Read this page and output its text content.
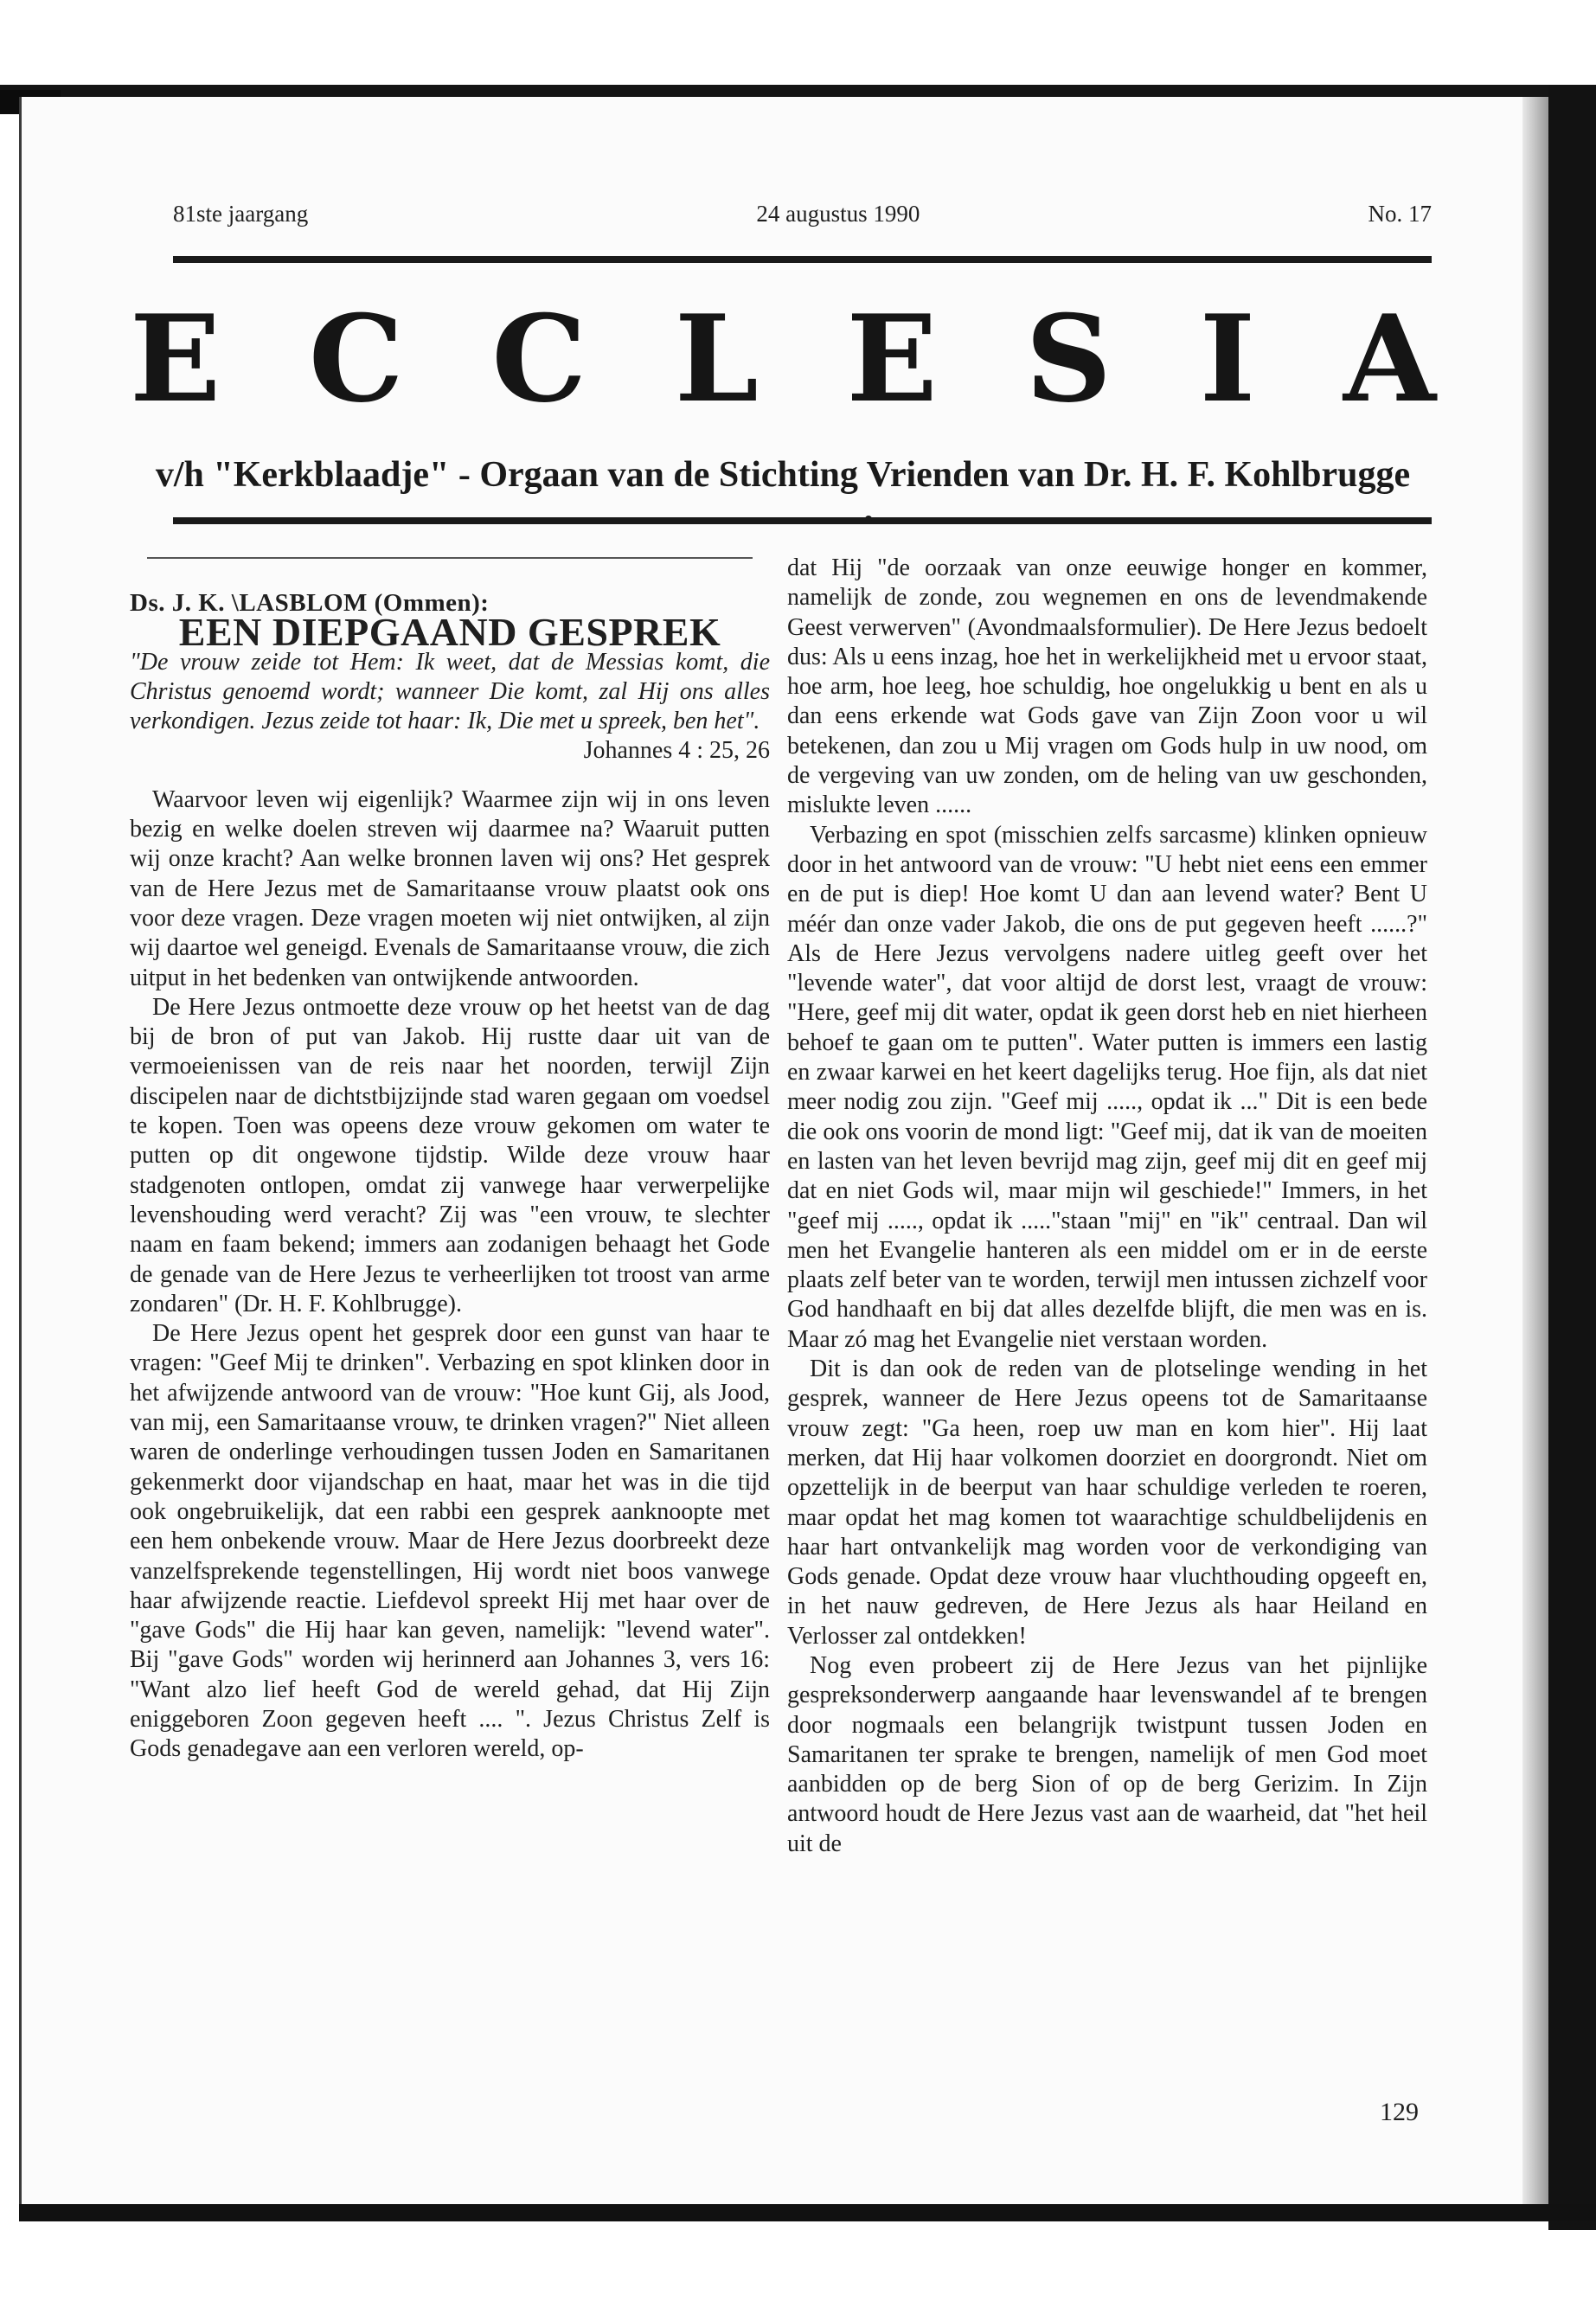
81ste jaargang	24 augustus 1990	No. 17
E C C L E S I A
v/h "Kerkblaadje" - Orgaan van de Stichting Vrienden van Dr. H. F. Kohlbrugge

Ds. J. K. \LASBLOM (Ommen):

EEN DIEPGAAND GESPREK

"De vrouw zeide tot Hem: Ik weet, dat de Messias komt, die Christus genoemd wordt; wanneer Die komt, zal Hij ons alles verkondigen. Jezus zeide tot haar: Ik, Die met u spreek, ben het".

Johannes 4 : 25, 26

Waarvoor leven wij eigenlijk? Waarmee zijn wij in ons leven bezig en welke doelen streven wij daarmee na? Waaruit putten wij onze kracht? Aan welke bronnen laven wij ons? Het gesprek van de Here Jezus met de Samaritaanse vrouw plaatst ook ons voor deze vragen. Deze vragen moeten wij niet ontwijken, al zijn wij daartoe wel geneigd. Evenals de Samaritaanse vrouw, die zich uitput in het bedenken van ontwijkende antwoorden.

De Here Jezus ontmoette deze vrouw op het heetst van de dag bij de bron of put van Jakob. Hij rustte daar uit van de vermoeienissen van de reis naar het noorden, terwijl Zijn discipelen naar de dichtstbijzijnde stad waren gegaan om voedsel te kopen. Toen was opeens deze vrouw gekomen om water te putten op dit ongewone tijdstip. Wilde deze vrouw haar stadgenoten ontlopen, omdat zij vanwege haar verwerpelijke levenshouding werd veracht? Zij was "een vrouw, te slechter naam en faam bekend; immers aan zodanigen behaagt het Gode de genade van de Here Jezus te verheerlijken tot troost van arme zondaren" (Dr. H. F. Kohlbrugge).

De Here Jezus opent het gesprek door een gunst van haar te vragen: "Geef Mij te drinken". Verbazing en spot klinken door in het afwijzende antwoord van de vrouw: "Hoe kunt Gij, als Jood, van mij, een Samaritaanse vrouw, te drinken vragen?" Niet alleen waren de onderlinge verhoudingen tussen Joden en Samaritanen gekenmerkt door vijandschap en haat, maar het was in die tijd ook ongebruikelijk, dat een rabbi een gesprek aanknoopte met een hem onbekende vrouw. Maar de Here Jezus doorbreekt deze vanzelfsprekende tegenstellingen, Hij wordt niet boos vanwege haar afwijzende reactie. Liefdevol spreekt Hij met haar over de "gave Gods" die Hij haar kan geven, namelijk: "levend water". Bij "gave Gods" worden wij herinnerd aan Johannes 3, vers 16: "Want alzo lief heeft God de wereld gehad, dat Hij Zijn eniggeboren Zoon gegeven heeft .... ". Jezus Christus Zelf is Gods genadegave aan een verloren wereld, op-

dat Hij "de oorzaak van onze eeuwige honger en kommer, namelijk de zonde, zou wegnemen en ons de levendmakende Geest verwerven" (Avondmaalsformulier). De Here Jezus bedoelt dus: Als u eens inzag, hoe het in werkelijkheid met u ervoor staat, hoe arm, hoe leeg, hoe schuldig, hoe ongelukkig u bent en als u dan eens erkende wat Gods gave van Zijn Zoon voor u wil betekenen, dan zou u Mij vragen om Gods hulp in uw nood, om de vergeving van uw zonden, om de heling van uw geschonden, mislukte leven ......

Verbazing en spot (misschien zelfs sarcasme) klinken opnieuw door in het antwoord van de vrouw: "U hebt niet eens een emmer en de put is diep! Hoe komt U dan aan levend water? Bent U méér dan onze vader Jakob, die ons de put gegeven heeft ......?" Als de Here Jezus vervolgens nadere uitleg geeft over het "levende water", dat voor altijd de dorst lest, vraagt de vrouw: "Here, geef mij dit water, opdat ik geen dorst heb en niet hierheen behoef te gaan om te putten". Water putten is immers een lastig en zwaar karwei en het keert dagelijks terug. Hoe fijn, als dat niet meer nodig zou zijn. "Geef mij ....., opdat ik ..." Dit is een bede die ook ons voorin de mond ligt: "Geef mij, dat ik van de moeiten en lasten van het leven bevrijd mag zijn, geef mij dit en geef mij dat en niet Gods wil, maar mijn wil geschiede!" Immers, in het "geef mij ....., opdat ik ....."staan "mij" en "ik" centraal. Dan wil men het Evangelie hanteren als een middel om er in de eerste plaats zelf beter van te worden, terwijl men intussen zichzelf voor God handhaaft en bij dat alles dezelfde blijft, die men was en is. Maar zó mag het Evangelie niet verstaan worden.

Dit is dan ook de reden van de plotselinge wending in het gesprek, wanneer de Here Jezus opeens tot de Samaritaanse vrouw zegt: "Ga heen, roep uw man en kom hier". Hij laat merken, dat Hij haar volkomen doorziet en doorgrondt. Niet om opzettelijk in de beerput van haar schuldige verleden te roeren, maar opdat het mag komen tot waarachtige schuldbelijdenis en haar hart ontvankelijk mag worden voor de verkondiging van Gods genade. Opdat deze vrouw haar vluchthouding opgeeft en, in het nauw gedreven, de Here Jezus als haar Heiland en Verlosser zal ontdekken!

Nog even probeert zij de Here Jezus van het pijnlijke gespreksonderwerp aangaande haar levenswandel af te brengen door nogmaals een belangrijk twistpunt tussen Joden en Samaritanen ter sprake te brengen, namelijk of men God moet aanbidden op de berg Sion of op de berg Gerizim. In Zijn antwoord houdt de Here Jezus vast aan de waarheid, dat "het heil uit de

129
